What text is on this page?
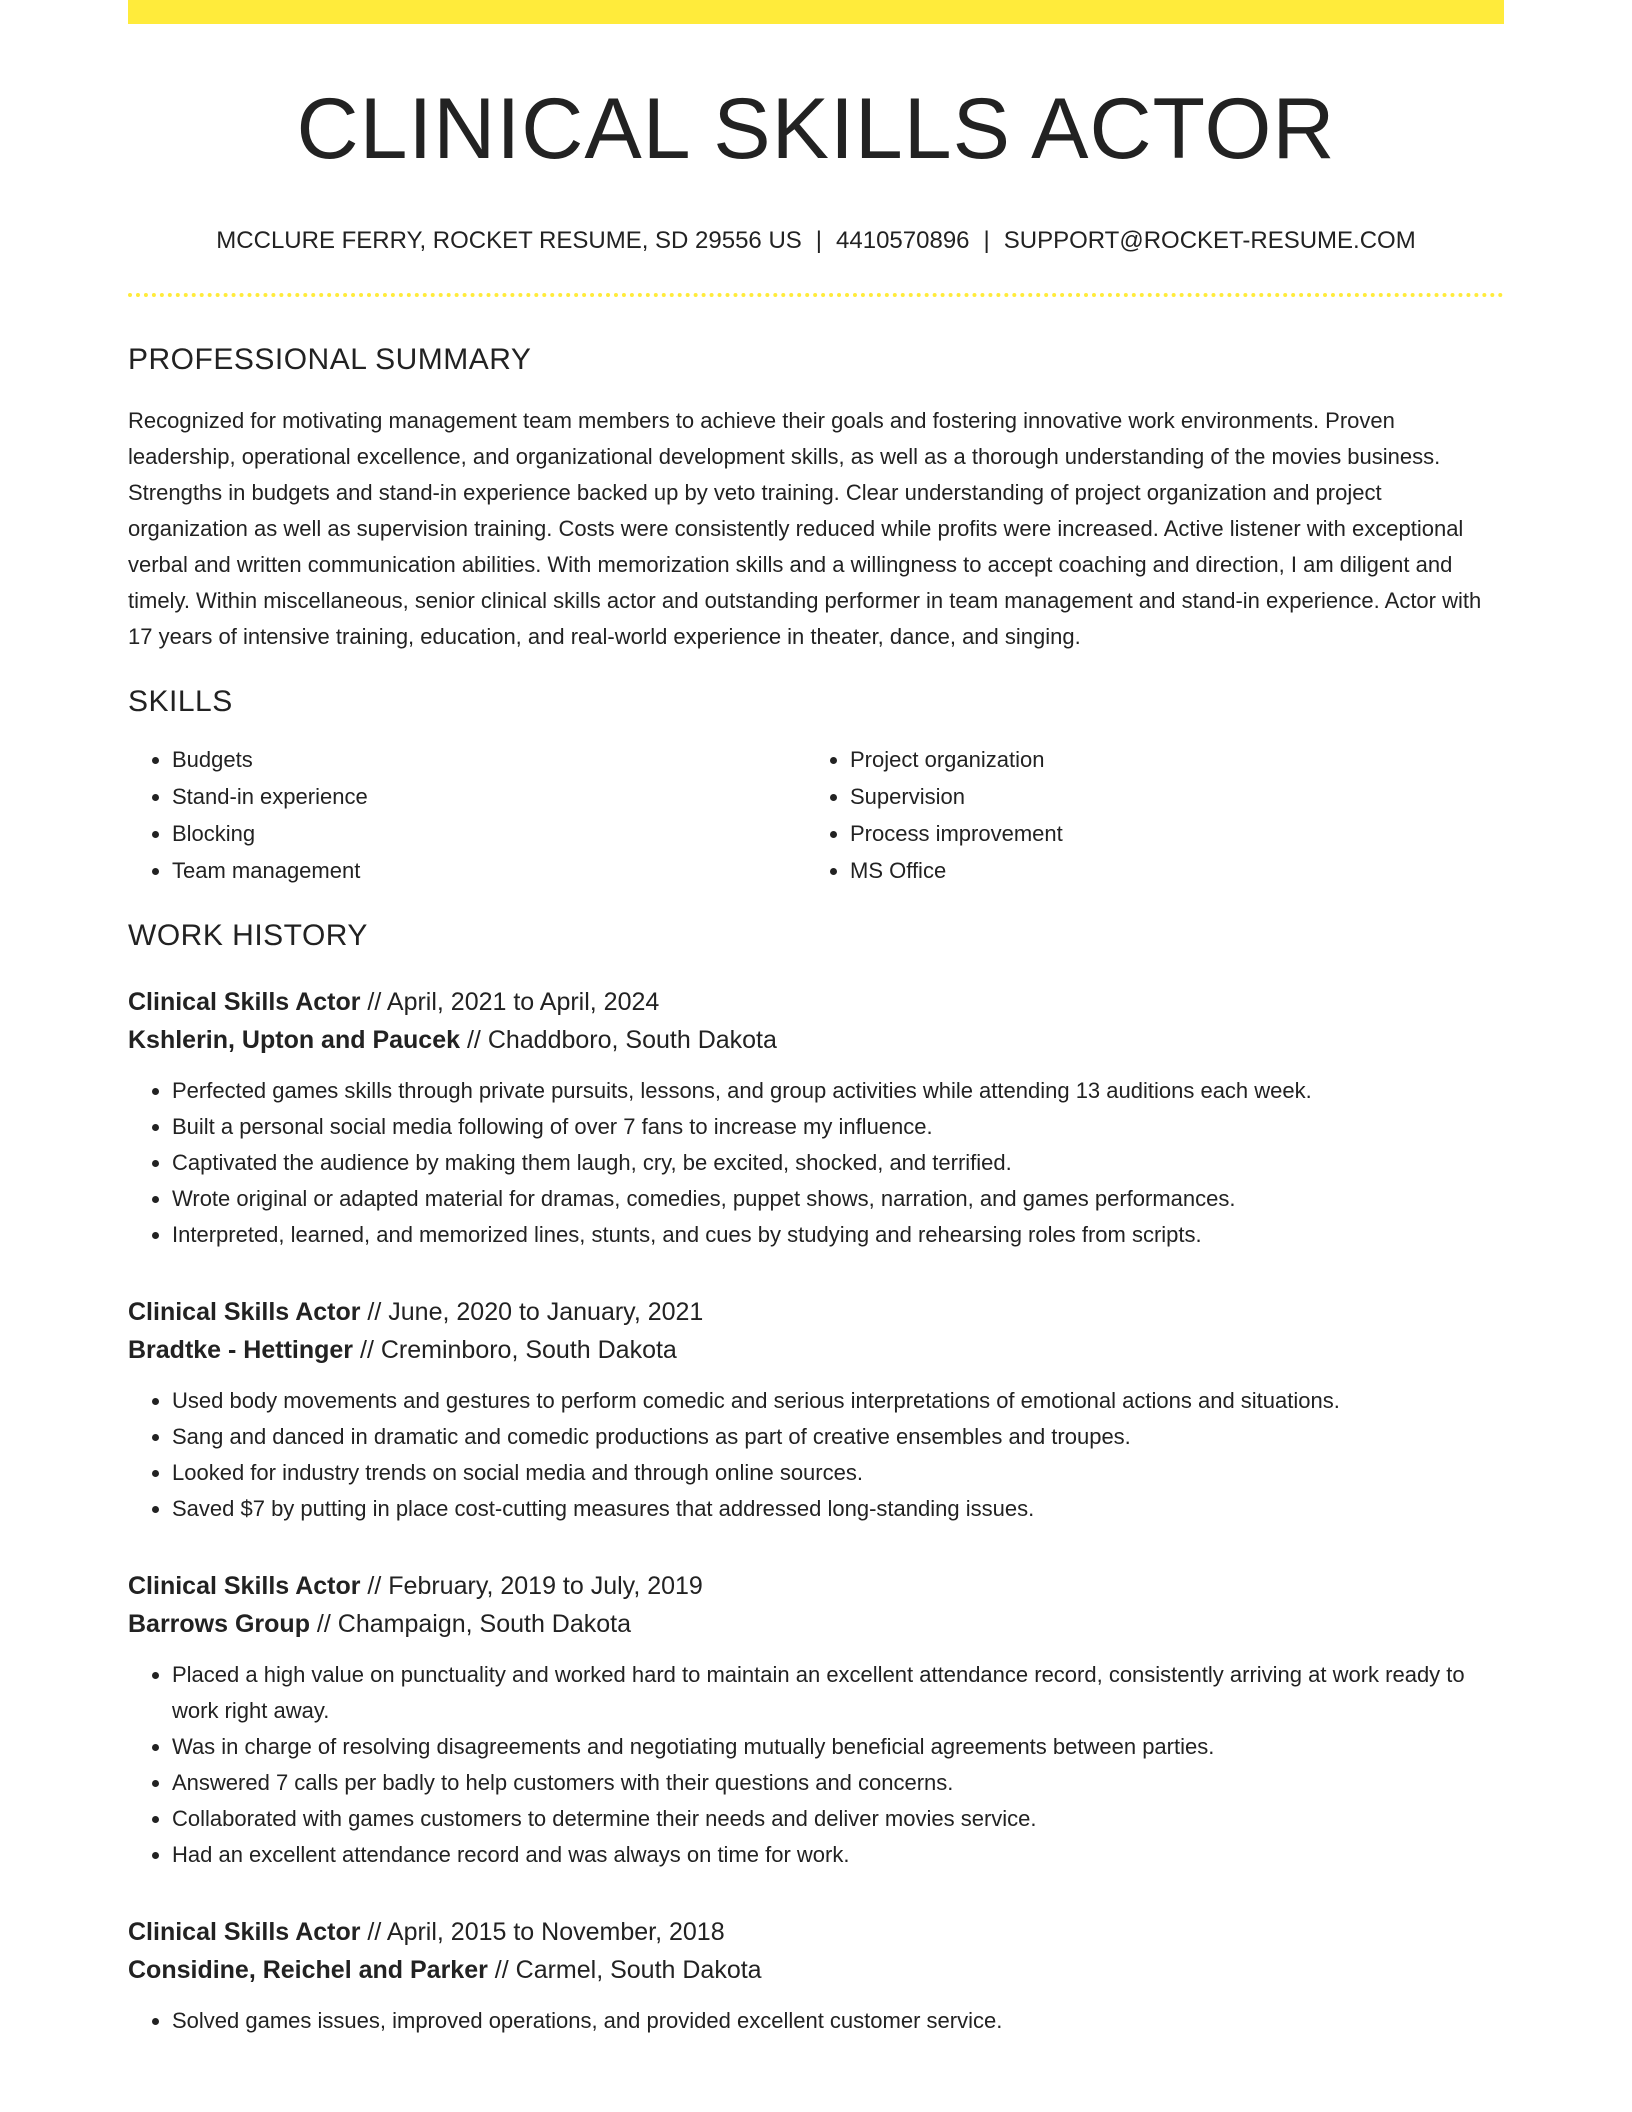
CLINICAL SKILLS ACTOR
MCCLURE FERRY, ROCKET RESUME, SD 29556 US | 4410570896 | SUPPORT@ROCKET-RESUME.COM
PROFESSIONAL SUMMARY

Recognized for motivating management team members to achieve their goals and fostering innovative work environments. Proven leadership, operational excellence, and organizational development skills, as well as a thorough understanding of the movies business. Strengths in budgets and stand-in experience backed up by veto training. Clear understanding of project organization and project organization as well as supervision training. Costs were consistently reduced while profits were increased. Active listener with exceptional verbal and written communication abilities. With memorization skills and a willingness to accept coaching and direction, I am diligent and timely. Within miscellaneous, senior clinical skills actor and outstanding performer in team management and stand-in experience. Actor with 17 years of intensive training, education, and real-world experience in theater, dance, and singing.

SKILLS
• Budgets
• Stand-in experience
• Blocking
• Team management
• Project organization
• Supervision
• Process improvement
• MS Office
WORK HISTORY
Clinical Skills Actor // April, 2021 to April, 2024
Kshlerin, Upton and Paucek // Chaddboro, South Dakota
• Perfected games skills through private pursuits, lessons, and group activities while attending 13 auditions each week.
• Built a personal social media following of over 7 fans to increase my influence.
• Captivated the audience by making them laugh, cry, be excited, shocked, and terrified.
• Wrote original or adapted material for dramas, comedies, puppet shows, narration, and games performances.
• Interpreted, learned, and memorized lines, stunts, and cues by studying and rehearsing roles from scripts.
Clinical Skills Actor // June, 2020 to January, 2021
Bradtke - Hettinger // Creminboro, South Dakota
• Used body movements and gestures to perform comedic and serious interpretations of emotional actions and situations.
• Sang and danced in dramatic and comedic productions as part of creative ensembles and troupes.
• Looked for industry trends on social media and through online sources.
• Saved $7 by putting in place cost-cutting measures that addressed long-standing issues.
Clinical Skills Actor // February, 2019 to July, 2019
Barrows Group // Champaign, South Dakota
• Placed a high value on punctuality and worked hard to maintain an excellent attendance record, consistently arriving at work ready to work right away.
• Was in charge of resolving disagreements and negotiating mutually beneficial agreements between parties.
• Answered 7 calls per badly to help customers with their questions and concerns.
• Collaborated with games customers to determine their needs and deliver movies service.
• Had an excellent attendance record and was always on time for work.
Clinical Skills Actor // April, 2015 to November, 2018
Considine, Reichel and Parker // Carmel, South Dakota
• Solved games issues, improved operations, and provided excellent customer service.
